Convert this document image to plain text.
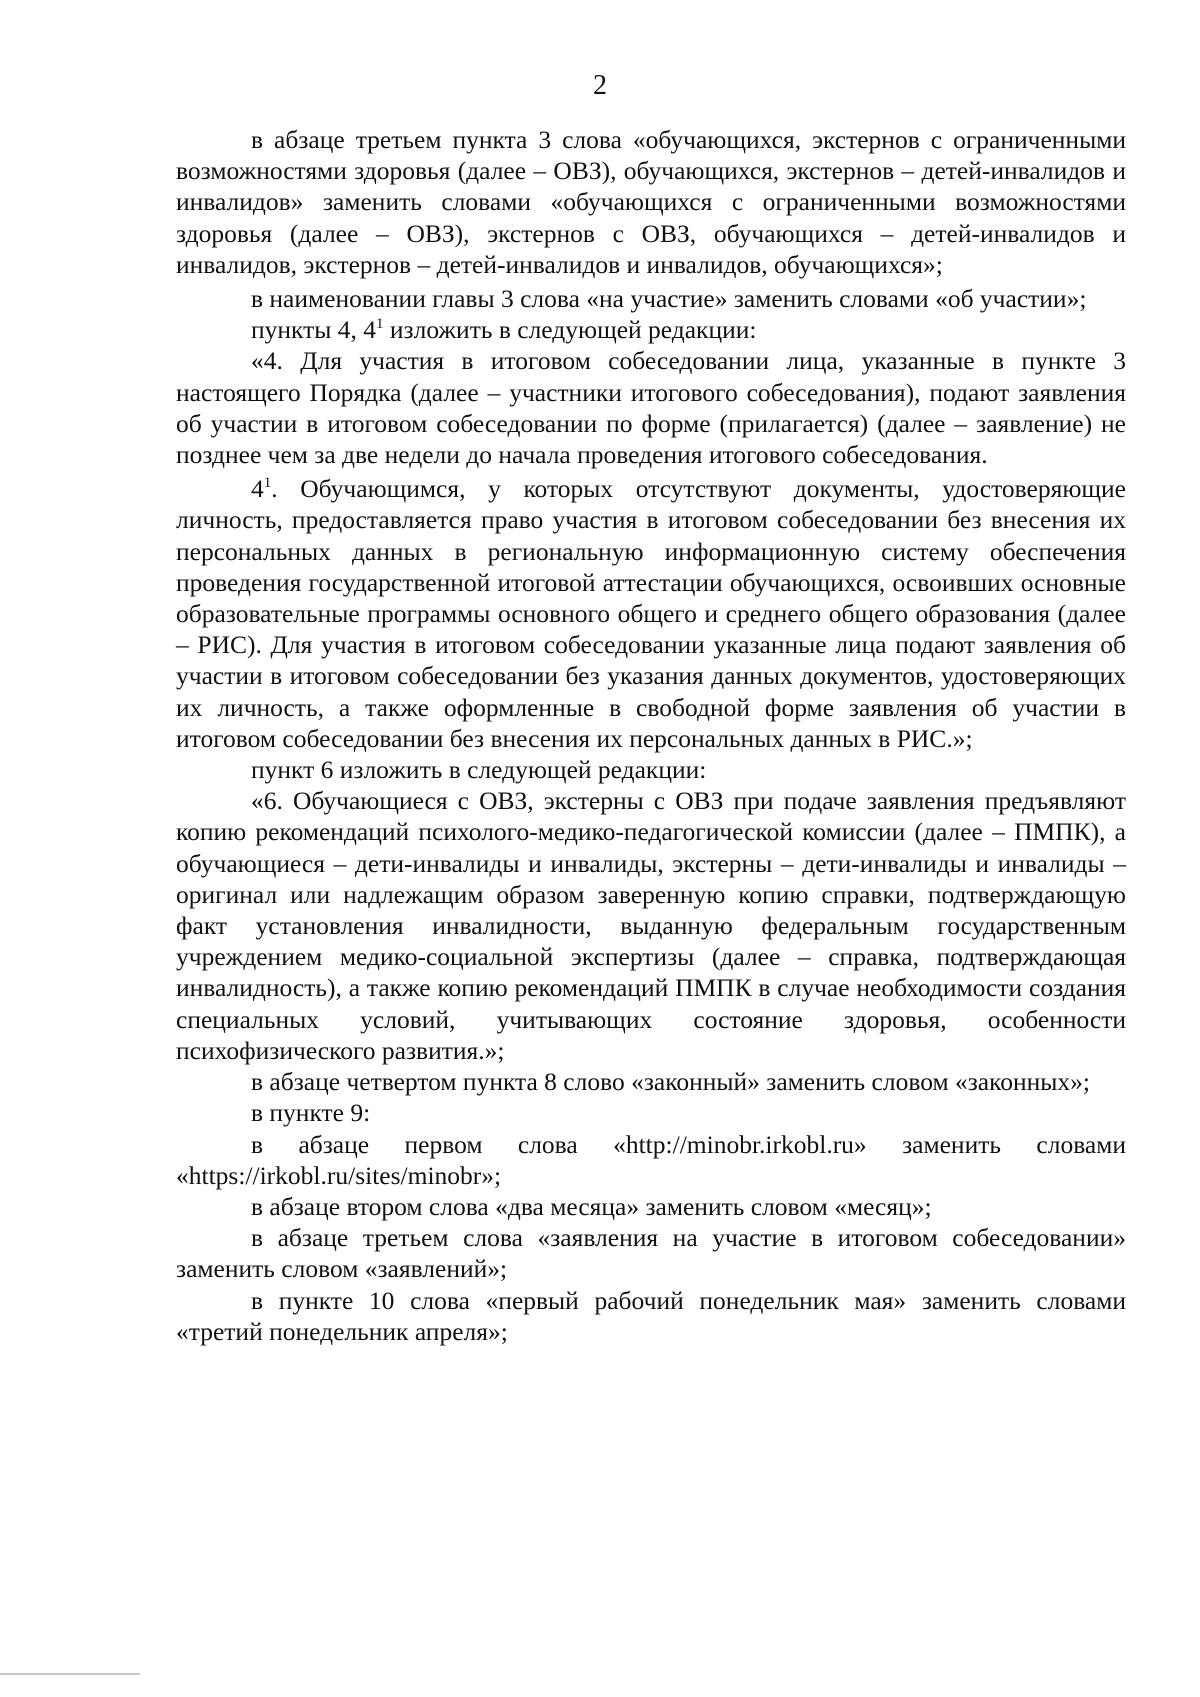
2

в абзаце третьем пункта 3 слова «обучающихся, экстернов с ограниченными возможностями здоровья (далее – ОВЗ), обучающихся, экстернов – детей-инвалидов и инвалидов» заменить словами «обучающихся с ограниченными возможностями здоровья (далее – ОВЗ), экстернов с ОВЗ, обучающихся – детей-инвалидов и инвалидов, экстернов – детей-инвалидов и инвалидов, обучающихся»;

в наименовании главы 3 слова «на участие» заменить словами «об участии»;

пункты 4, $4^1$ изложить в следующей редакции:

«4. Для участия в итоговом собеседовании лица, указанные в пункте 3 настоящего Порядка (далее – участники итогового собеседования), подают заявления об участии в итоговом собеседовании по форме (прилагается) (далее – заявление) не позднее чем за две недели до начала проведения итогового собеседования.

$4^1$. Обучающимся, у которых отсутствуют документы, удостоверяющие личность, предоставляется право участия в итоговом собеседовании без внесения их персональных данных в региональную информационную систему обеспечения проведения государственной итоговой аттестации обучающихся, освоивших основные образовательные программы основного общего и среднего общего образования (далее – РИС). Для участия в итоговом собеседовании указанные лица подают заявления об участии в итоговом собеседовании без указания данных документов, удостоверяющих их личность, а также оформленные в свободной форме заявления об участии в итоговом собеседовании без внесения их персональных данных в РИС.»;

пункт 6 изложить в следующей редакции:

«6. Обучающиеся с ОВЗ, экстерны с ОВЗ при подаче заявления предъявляют копию рекомендаций психолого-медико-педагогической комиссии (далее – ПМПК), а обучающиеся – дети-инвалиды и инвалиды, экстерны – дети-инвалиды и инвалиды – оригинал или надлежащим образом заверенную копию справки, подтверждающую факт установления инвалидности, выданную федеральным государственным учреждением медико-социальной экспертизы (далее – справка, подтверждающая инвалидность), а также копию рекомендаций ПМПК в случае необходимости создания специальных условий, учитывающих состояние здоровья, особенности психофизического развития.»;

в абзаце четвертом пункта 8 слово «законный» заменить словом «законных»;

в пункте 9:

в абзаце первом слова «http://minobr.irkobl.ru» заменить словами «https://irkobl.ru/sites/minobr»;

в абзаце втором слова «два месяца» заменить словом «месяц»;

в абзаце третьем слова «заявления на участие в итоговом собеседовании» заменить словом «заявлений»;

в пункте 10 слова «первый рабочий понедельник мая» заменить словами «третий понедельник апреля»;
